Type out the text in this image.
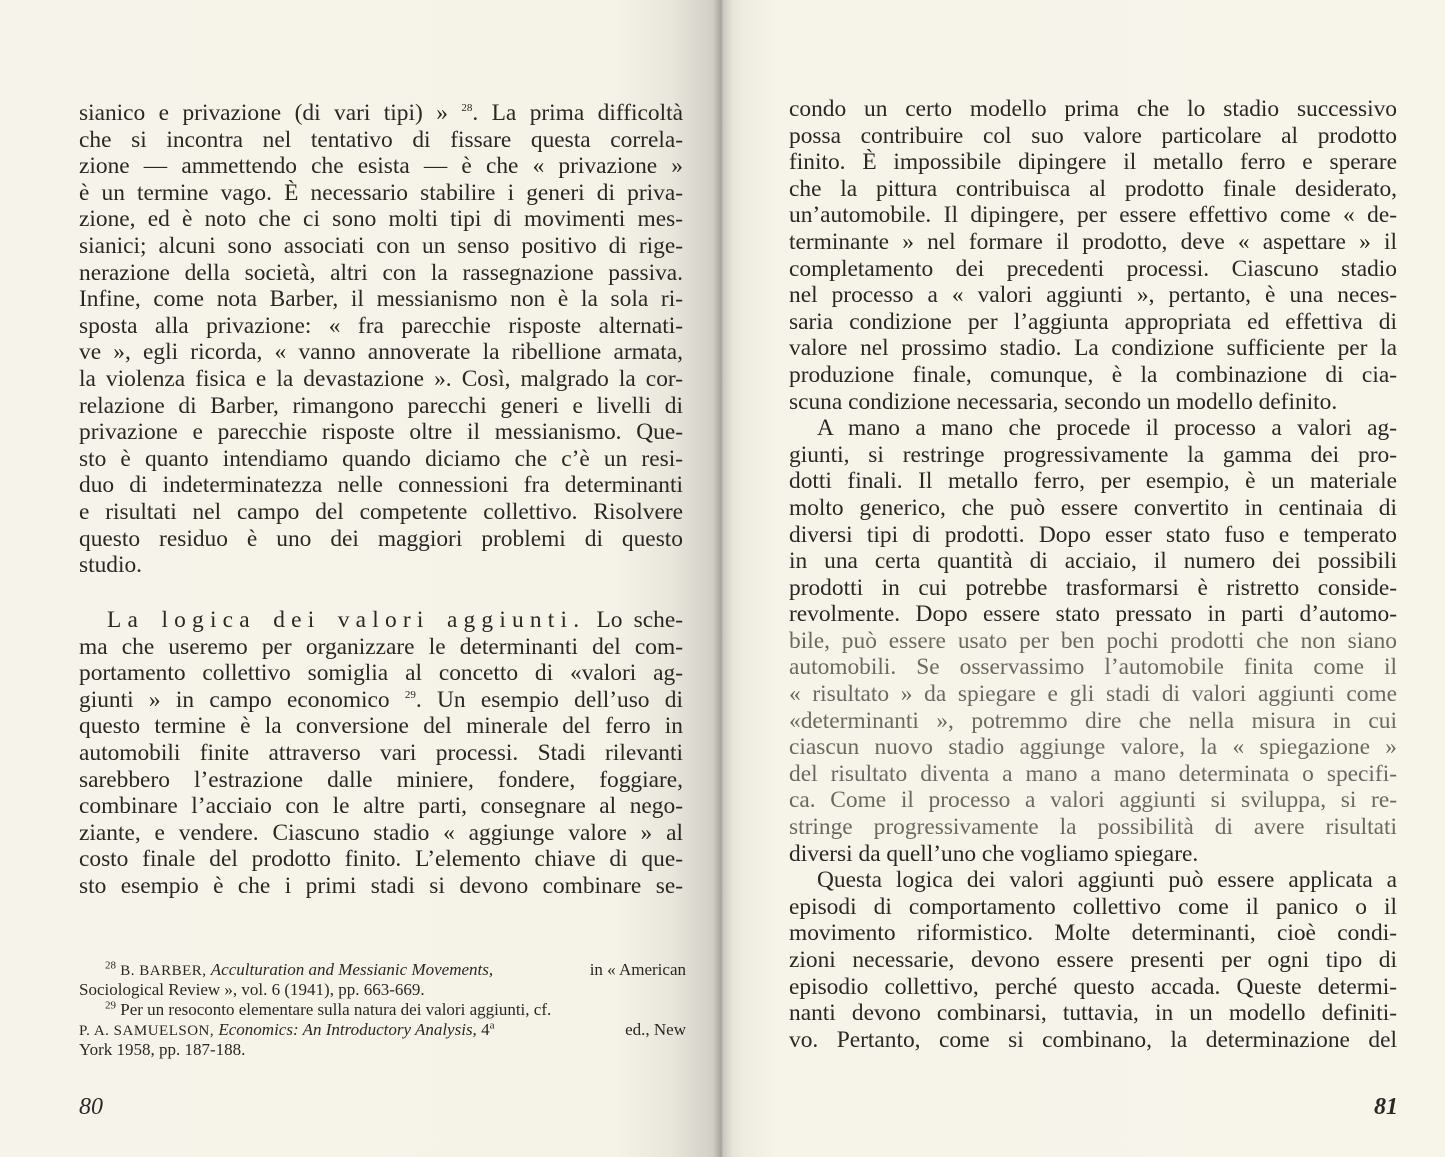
sianico e privazione (di vari tipi) » $^{28}$. La prima difficoltà
che si incontra nel tentativo di fissare questa correla-
zione — ammettendo che esista — è che « privazione »
è un termine vago. È necessario stabilire i generi di priva-
zione, ed è noto che ci sono molti tipi di movimenti mes-
sianici; alcuni sono associati con un senso positivo di rige-
nerazione della società, altri con la rassegnazione passiva.
Infine, come nota Barber, il messianismo non è la sola ri-
sposta alla privazione: « fra parecchie risposte alternati-
ve », egli ricorda, « vanno annoverate la ribellione armata,
la violenza fisica e la devastazione ». Così, malgrado la cor-
relazione di Barber, rimangono parecchi generi e livelli di
privazione e parecchie risposte oltre il messianismo. Que-
sto è quanto intendiamo quando diciamo che c’è un resi-
duo di indeterminatezza nelle connessioni fra determinanti
e risultati nel campo del competente collettivo. Risolvere
questo residuo è uno dei maggiori problemi di questo
studio.
La logica dei valori aggiunti. Lo sche-
ma che useremo per organizzare le determinanti del com-
portamento collettivo somiglia al concetto di «valori ag-
giunti » in campo economico $^{29}$. Un esempio dell’uso di
questo termine è la conversione del minerale del ferro in
automobili finite attraverso vari processi. Stadi rilevanti
sarebbero l’estrazione dalle miniere, fondere, foggiare,
combinare l’acciaio con le altre parti, consegnare al nego-
ziante, e vendere. Ciascuno stadio « aggiunge valore » al
costo finale del prodotto finito. L’elemento chiave di que-
sto esempio è che i primi stadi si devono combinare se-
$^{28}$ B. BARBER, Acculturation and Messianic Movements,	in « American
Sociological Review », vol. 6 (1941), pp. 663-669.
$^{29}$ Per un resoconto elementare sulla natura dei valori aggiunti, cf.
P. A. SAMUELSON, Economics: An Introductory Analysis, 4$^a$	ed., New
York 1958, pp. 187-188.
80
condo un certo modello prima che lo stadio successivo
possa contribuire col suo valore particolare al prodotto
finito. È impossibile dipingere il metallo ferro e sperare
che la pittura contribuisca al prodotto finale desiderato,
un’automobile. Il dipingere, per essere effettivo come « de-
terminante » nel formare il prodotto, deve « aspettare » il
completamento dei precedenti processi. Ciascuno stadio
nel processo a « valori aggiunti », pertanto, è una neces-
saria condizione per l’aggiunta appropriata ed effettiva di
valore nel prossimo stadio. La condizione sufficiente per la
produzione finale, comunque, è la combinazione di cia-
scuna condizione necessaria, secondo un modello definito.
A mano a mano che procede il processo a valori ag-
giunti, si restringe progressivamente la gamma dei pro-
dotti finali. Il metallo ferro, per esempio, è un materiale
molto generico, che può essere convertito in centinaia di
diversi tipi di prodotti. Dopo esser stato fuso e temperato
in una certa quantità di acciaio, il numero dei possibili
prodotti in cui potrebbe trasformarsi è ristretto conside-
revolmente. Dopo essere stato pressato in parti d’automo-
bile, può essere usato per ben pochi prodotti che non siano
automobili. Se osservassimo l’automobile finita come il
« risultato » da spiegare e gli stadi di valori aggiunti come
«determinanti », potremmo dire che nella misura in cui
ciascun nuovo stadio aggiunge valore, la « spiegazione »
del risultato diventa a mano a mano determinata o specifi-
ca. Come il processo a valori aggiunti si sviluppa, si re-
stringe progressivamente la possibilità di avere risultati
diversi da quell’uno che vogliamo spiegare.
Questa logica dei valori aggiunti può essere applicata a
episodi di comportamento collettivo come il panico o il
movimento riformistico. Molte determinanti, cioè condi-
zioni necessarie, devono essere presenti per ogni tipo di
episodio collettivo, perché questo accada. Queste determi-
nanti devono combinarsi, tuttavia, in un modello definiti-
vo. Pertanto, come si combinano, la determinazione del
81
